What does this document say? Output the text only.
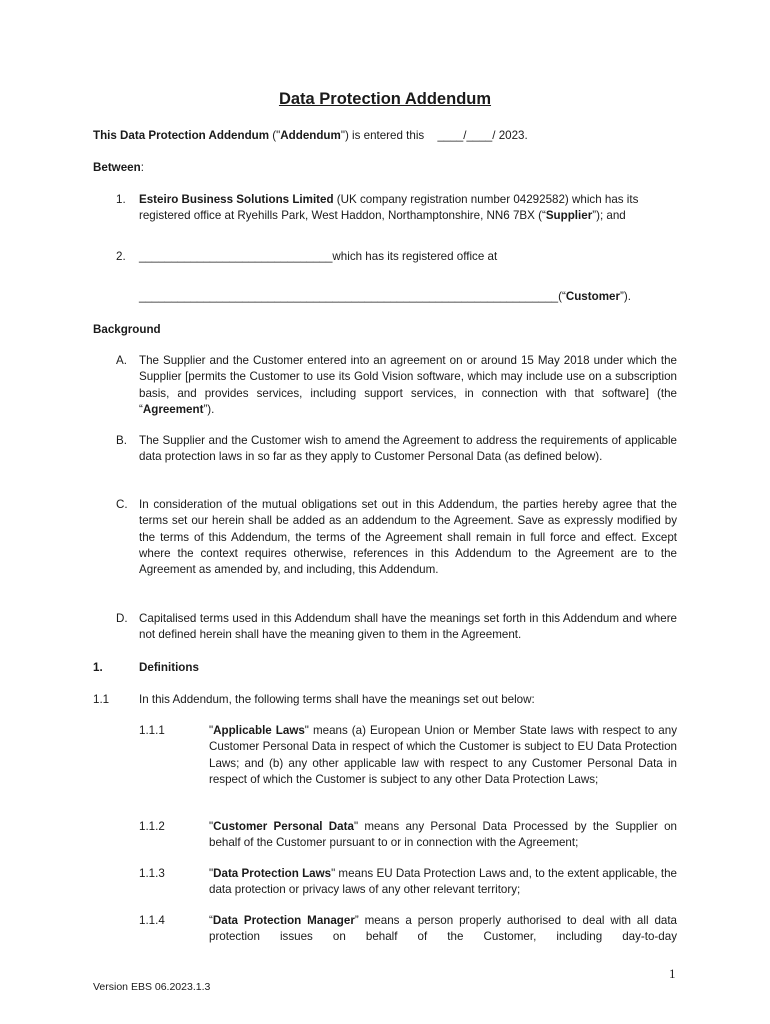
Data Protection Addendum
This Data Protection Addendum ("Addendum") is entered this ____/____/ 2023.
Between:
1. Esteiro Business Solutions Limited (UK company registration number 04292582) which has its registered office at Ryehills Park, West Haddon, Northamptonshire, NN6 7BX (“Supplier”); and
2. ______________________________which has its registered office at
_________________________________________________________________(“Customer”).
Background
A. The Supplier and the Customer entered into an agreement on or around 15 May 2018 under which the Supplier [permits the Customer to use its Gold Vision software, which may include use on a subscription basis, and provides services, including support services, in connection with that software] (the “Agreement”).
B. The Supplier and the Customer wish to amend the Agreement to address the requirements of applicable data protection laws in so far as they apply to Customer Personal Data (as defined below).
C. In consideration of the mutual obligations set out in this Addendum, the parties hereby agree that the terms set our herein shall be added as an addendum to the Agreement. Save as expressly modified by the terms of this Addendum, the terms of the Agreement shall remain in full force and effect. Except where the context requires otherwise, references in this Addendum to the Agreement are to the Agreement as amended by, and including, this Addendum.
D. Capitalised terms used in this Addendum shall have the meanings set forth in this Addendum and where not defined herein shall have the meaning given to them in the Agreement.
1.	Definitions
1.1	In this Addendum, the following terms shall have the meanings set out below:
1.1.1	"Applicable Laws" means (a) European Union or Member State laws with respect to any Customer Personal Data in respect of which the Customer is subject to EU Data Protection Laws; and (b) any other applicable law with respect to any Customer Personal Data in respect of which the Customer is subject to any other Data Protection Laws;
1.1.2	"Customer Personal Data" means any Personal Data Processed by the Supplier on behalf of the Customer pursuant to or in connection with the Agreement;
1.1.3	"Data Protection Laws" means EU Data Protection Laws and, to the extent applicable, the data protection or privacy laws of any other relevant territory;
1.1.4	“Data Protection Manager” means a person properly authorised to deal with all data protection issues on behalf of the Customer, including day-to-day
1
Version EBS 06.2023.1.3
